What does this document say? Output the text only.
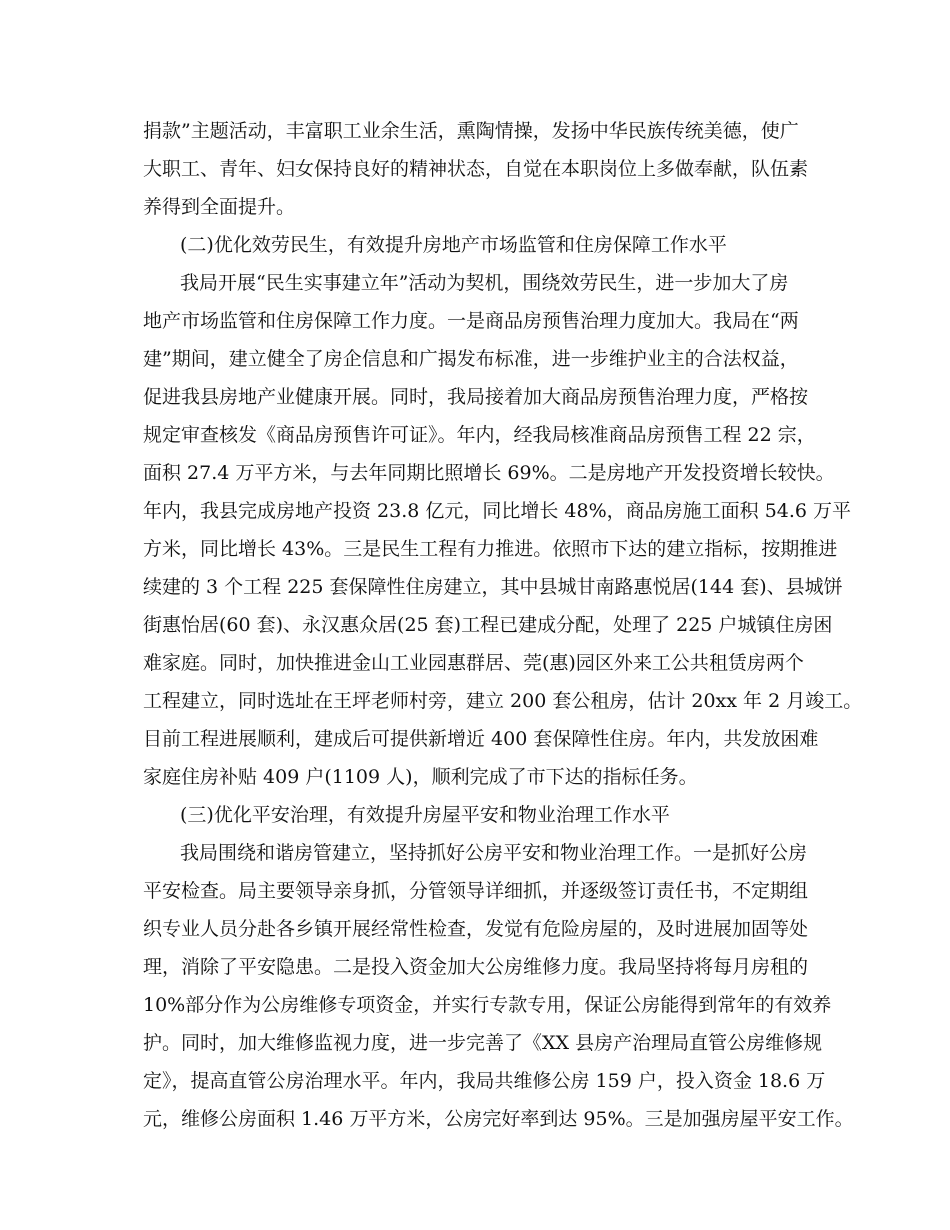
捐款”主题活动，丰富职工业余生活，熏陶情操，发扬中华民族传统美德，使广
大职工、青年、妇女保持良好的精神状态，自觉在本职岗位上多做奉献，队伍素
养得到全面提升。
(二)优化效劳民生，有效提升房地产市场监管和住房保障工作水平
我局开展“民生实事建立年”活动为契机，围绕效劳民生，进一步加大了房
地产市场监管和住房保障工作力度。一是商品房预售治理力度加大。我局在“两
建”期间，建立健全了房企信息和广揭发布标准，进一步维护业主的合法权益，
促进我县房地产业健康开展。同时，我局接着加大商品房预售治理力度，严格按
规定审查核发《商品房预售许可证》。年内，经我局核准商品房预售工程 22 宗，
面积 27.4 万平方米，与去年同期比照增长 69%。二是房地产开发投资增长较快。
年内，我县完成房地产投资 23.8 亿元，同比增长 48%，商品房施工面积 54.6 万平
方米，同比增长 43%。三是民生工程有力推进。依照市下达的建立指标，按期推进
续建的 3 个工程 225 套保障性住房建立，其中县城甘南路惠悦居(144 套)、县城饼
街惠怡居(60 套)、永汉惠众居(25 套)工程已建成分配，处理了 225 户城镇住房困
难家庭。同时，加快推进金山工业园惠群居、莞(惠)园区外来工公共租赁房两个
工程建立，同时选址在王坪老师村旁，建立 200 套公租房，估计 20xx 年 2 月竣工。
目前工程进展顺利，建成后可提供新增近 400 套保障性住房。年内，共发放困难
家庭住房补贴 409 户(1109 人)，顺利完成了市下达的指标任务。
(三)优化平安治理，有效提升房屋平安和物业治理工作水平
我局围绕和谐房管建立，坚持抓好公房平安和物业治理工作。一是抓好公房
平安检查。局主要领导亲身抓，分管领导详细抓，并逐级签订责任书，不定期组
织专业人员分赴各乡镇开展经常性检查，发觉有危险房屋的，及时进展加固等处
理，消除了平安隐患。二是投入资金加大公房维修力度。我局坚持将每月房租的
10%部分作为公房维修专项资金，并实行专款专用，保证公房能得到常年的有效养
护。同时，加大维修监视力度，进一步完善了《XX 县房产治理局直管公房维修规
定》，提高直管公房治理水平。年内，我局共维修公房 159 户，投入资金 18.6 万
元，维修公房面积 1.46 万平方米，公房完好率到达 95%。三是加强房屋平安工作。
